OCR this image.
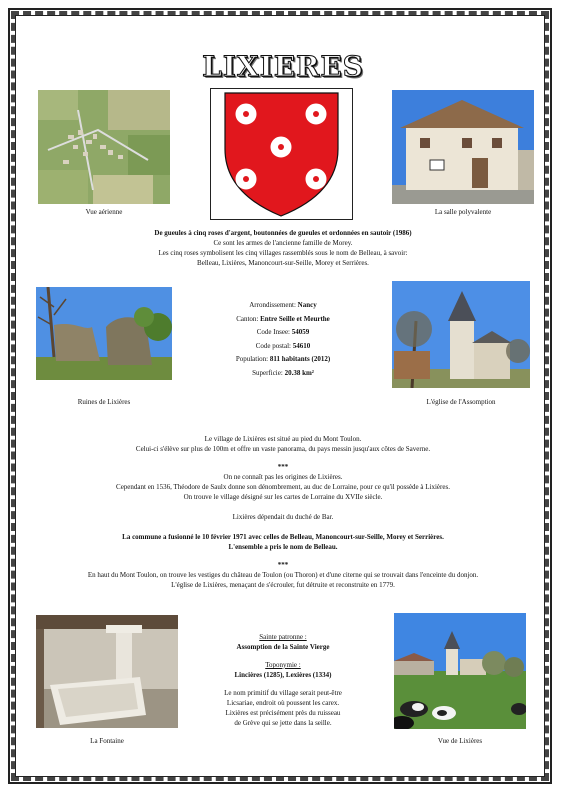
LIXIERES
Vue aérienne	La salle polyvalente
De gueules à cinq roses d'argent, boutonnées de gueules et ordonnées en sautoir (1986)
Ce sont les armes de l'ancienne famille de Morey.
Les cinq roses symbolisent les cinq villages rassemblés sous le nom de Belleau, à savoir:
Belleau, Lixières, Manoncourt-sur-Seille, Morey et Serrières.
Ruines de Lixières
Arrondissement: Nancy
Canton: Entre Seille et Meurthe
Code Insee: 54059
Code postal: 54610
Population: 811 habitants (2012)
Superficie: 20.38 km²
L'église de l'Assomption
Le village de Lixières est situé au pied du Mont Toulon.
Celui-ci s'élève sur plus de 100m et offre un vaste panorama, du pays messin jusqu'aux côtes de Saverne.
***
On ne connaît pas les origines de Lixières.
Cependant en 1536, Théodore de Saulx donne son dénombrement, au duc de Lorraine, pour ce qu'il possède à Lixières.
On trouve le village désigné sur les cartes de Lorraine du XVIIe siècle.
Lixières dépendait du duché de Bar.
La commune a fusionné le 10 février 1971 avec celles de Belleau, Manoncourt-sur-Seille, Morey et Serrières.
L'ensemble a pris le nom de Belleau.
***
En haut du Mont Toulon, on trouve les vestiges du château de Toulon (ou Thoron) et d'une citerne qui se trouvait dans l'enceinte du donjon.
L'église de Lixières, menaçant de s'écrouler, fut détruite et reconstruite en 1779.
La Fontaine
Sainte patronne :
Assomption de la Sainte Vierge
Toponymie :
Lincières (1285), Lexières (1334)
Le nom primitif du village serait peut-être
Licsariae, endroit où poussent les carex.
Lixières est précisément près du ruisseau
de Grève qui se jette dans la seille.
Vue de Lixières
